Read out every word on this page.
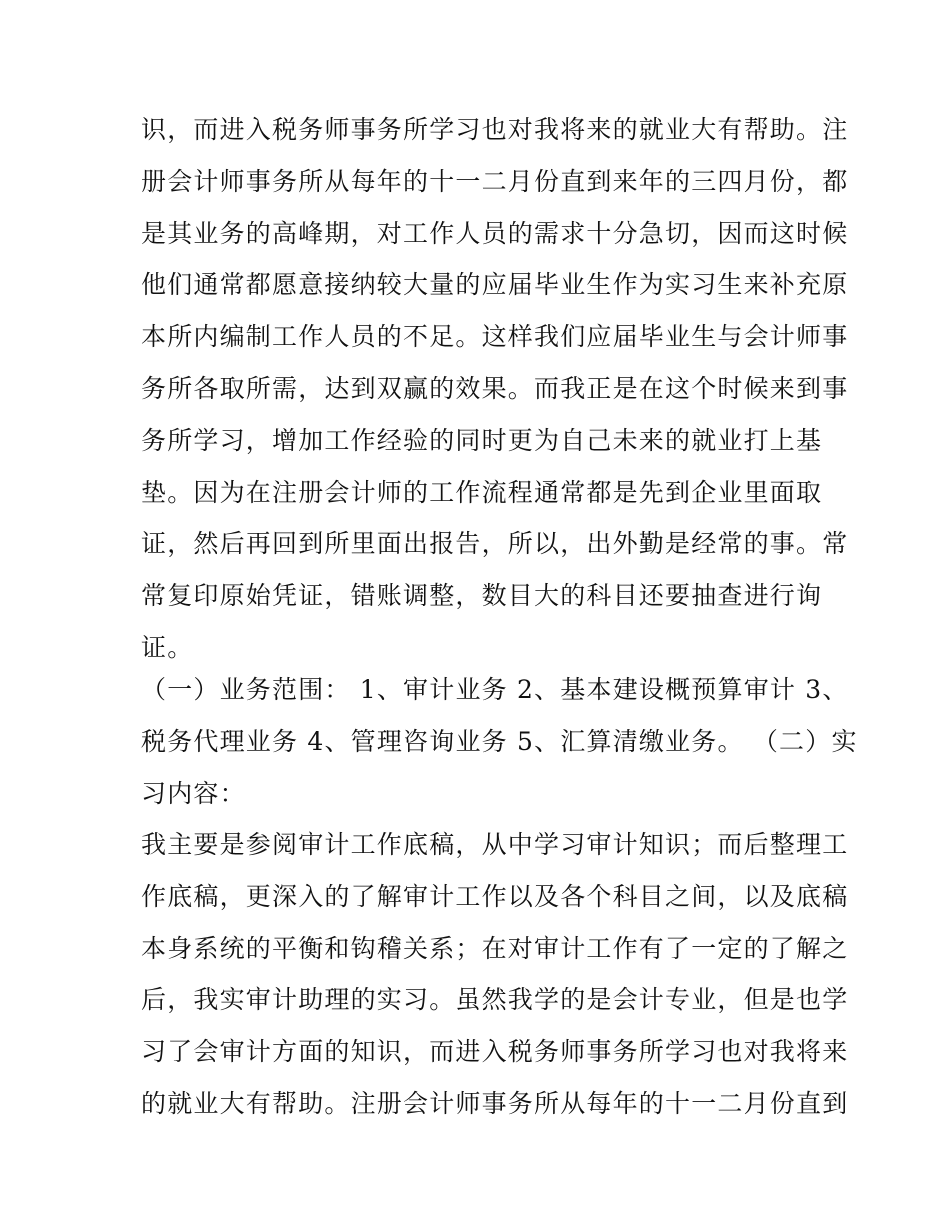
识，而进入税务师事务所学习也对我将来的就业大有帮助。注
册会计师事务所从每年的十一二月份直到来年的三四月份，都
是其业务的高峰期，对工作人员的需求十分急切，因而这时候
他们通常都愿意接纳较大量的应届毕业生作为实习生来补充原
本所内编制工作人员的不足。这样我们应届毕业生与会计师事
务所各取所需，达到双赢的效果。而我正是在这个时候来到事
务所学习，增加工作经验的同时更为自己未来的就业打上基
垫。因为在注册会计师的工作流程通常都是先到企业里面取
证，然后再回到所里面出报告，所以，出外勤是经常的事。常
常复印原始凭证，错账调整，数目大的科目还要抽查进行询
证。
（一）业务范围： 1、审计业务 2、基本建设概预算审计 3、
税务代理业务 4、管理咨询业务 5、汇算清缴业务。 （二）实
习内容：
我主要是参阅审计工作底稿，从中学习审计知识；而后整理工
作底稿，更深入的了解审计工作以及各个科目之间，以及底稿
本身系统的平衡和钩稽关系；在对审计工作有了一定的了解之
后，我实审计助理的实习。虽然我学的是会计专业，但是也学
习了会审计方面的知识，而进入税务师事务所学习也对我将来
的就业大有帮助。注册会计师事务所从每年的十一二月份直到
